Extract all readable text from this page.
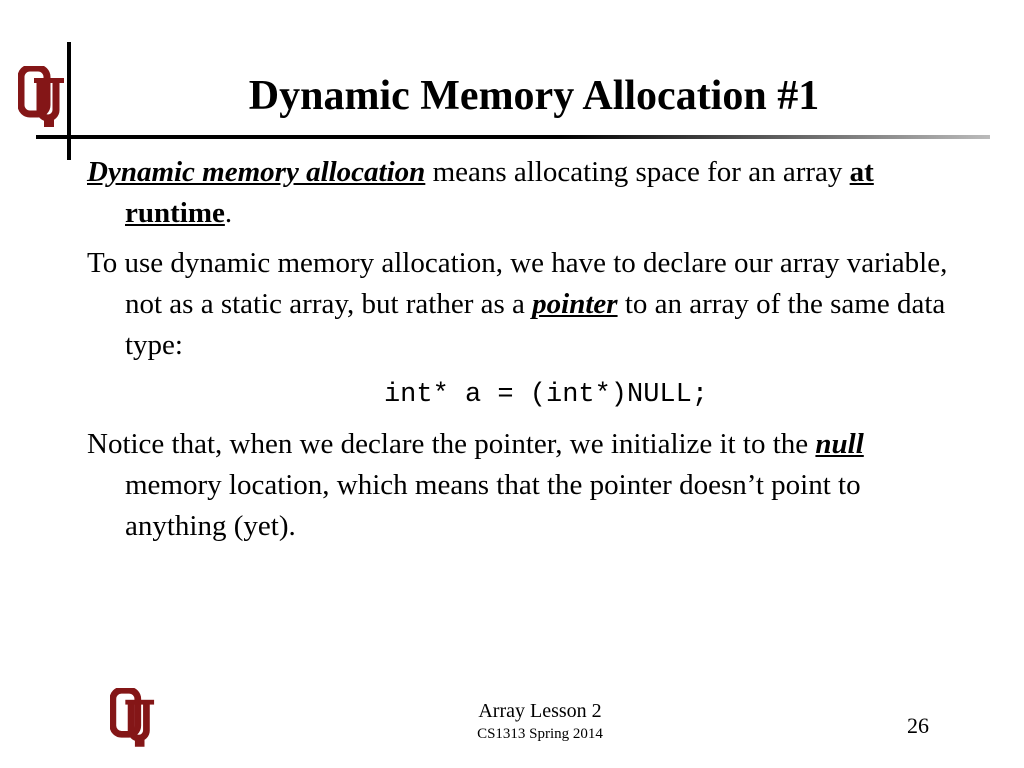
Dynamic Memory Allocation #1

Dynamic memory allocation means allocating space for an array at runtime.

To use dynamic memory allocation, we have to declare our array variable, not as a static array, but rather as a pointer to an array of the same data type:

int* a = (int*)NULL;

Notice that, when we declare the pointer, we initialize it to the null memory location, which means that the pointer doesn’t point to anything (yet).

Array Lesson 2
CS1313 Spring 2014	26
